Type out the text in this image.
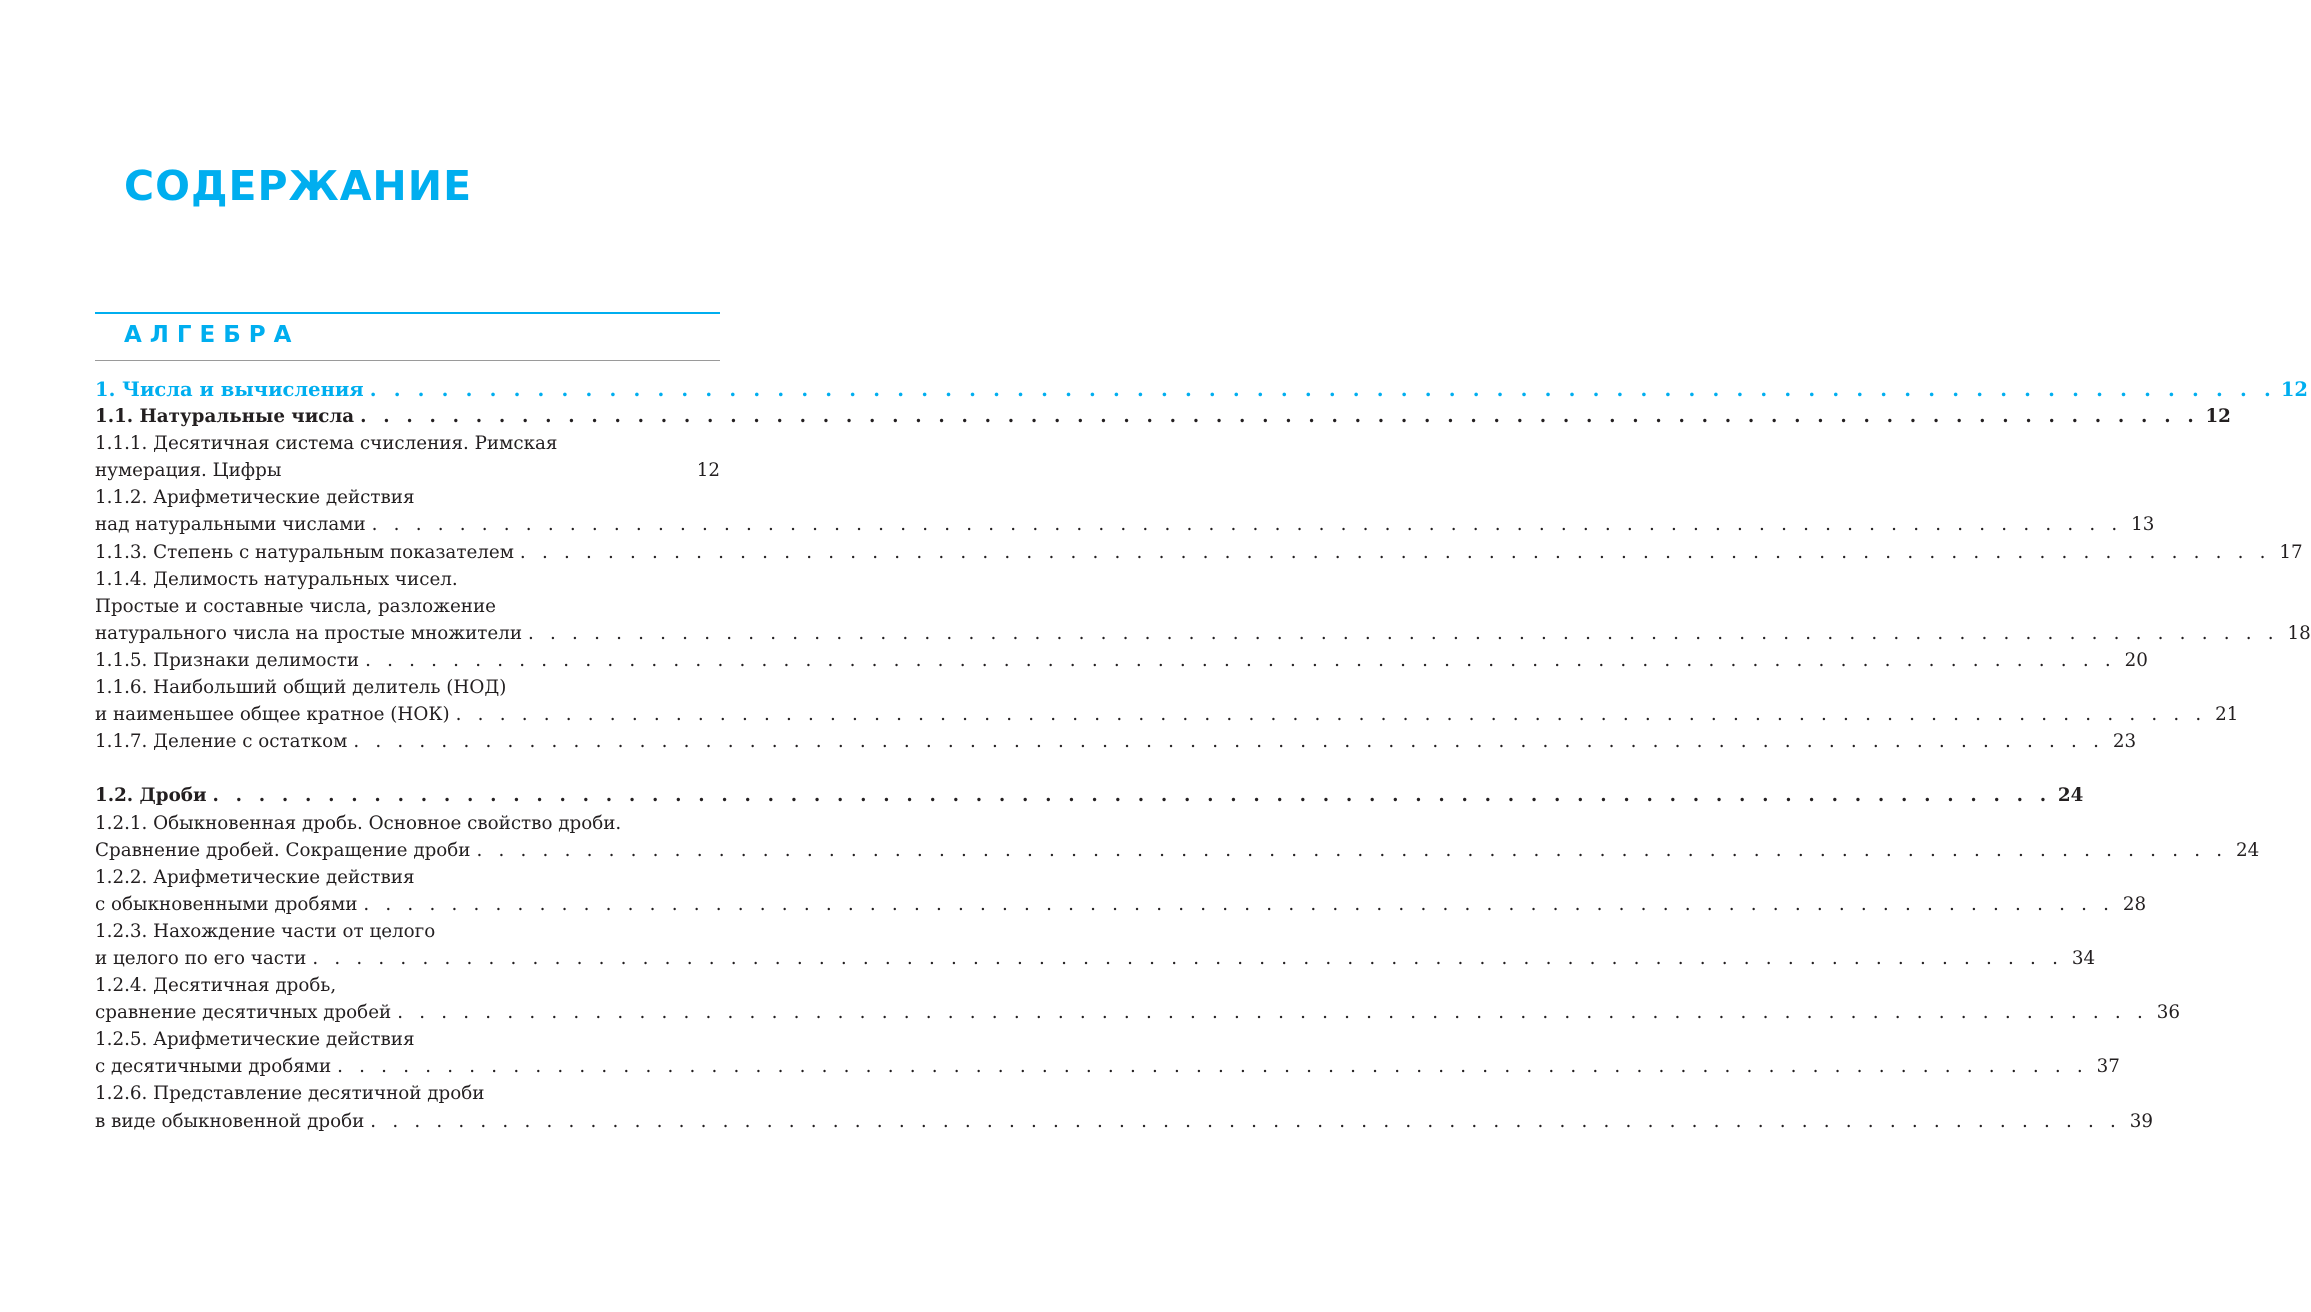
СОДЕРЖАНИЕ
АЛГЕБРА
1. Числа и вычисления . . . . . . . . . . . . . . . . . . . . . . . . . . . . . . . . . . . . . . . . . . . . . . . . . . . . . . . . . . . . . . . . . . . . . . . . . . . . . . . . 12
1.1. Натуральные числа . . . . . . . . . . . . . . . . . . . . . . . . . . . . . . . . . . . . . . . . . . . . . . . . . . . . . . . . . . . . . . . . . . . . . . . . . . . . . . . . 12
1.1.1. Десятичная система счисления. Римская
нумерация. Цифры	12
1.1.2. Арифметические действия
над натуральными числами . . . . . . . . . . . . . . . . . . . . . . . . . . . . . . . . . . . . . . . . . . . . . . . . . . . . . . . . . . . . . . . . . . . . . . . . . . . . . . . . 13
1.1.3. Степень с натуральным показателем . . . . . . . . . . . . . . . . . . . . . . . . . . . . . . . . . . . . . . . . . . . . . . . . . . . . . . . . . . . . . . . . . . . . . . . . . . . . . . . . 17
1.1.4. Делимость натуральных чисел.
Простые и составные числа, разложение
натурального числа на простые множители . . . . . . . . . . . . . . . . . . . . . . . . . . . . . . . . . . . . . . . . . . . . . . . . . . . . . . . . . . . . . . . . . . . . . . . . . . . . . . . . 18
1.1.5. Признаки делимости . . . . . . . . . . . . . . . . . . . . . . . . . . . . . . . . . . . . . . . . . . . . . . . . . . . . . . . . . . . . . . . . . . . . . . . . . . . . . . . . 20
1.1.6. Наибольший общий делитель (НОД)
и наименьшее общее кратное (НОК) . . . . . . . . . . . . . . . . . . . . . . . . . . . . . . . . . . . . . . . . . . . . . . . . . . . . . . . . . . . . . . . . . . . . . . . . . . . . . . . . 21
1.1.7. Деление с остатком . . . . . . . . . . . . . . . . . . . . . . . . . . . . . . . . . . . . . . . . . . . . . . . . . . . . . . . . . . . . . . . . . . . . . . . . . . . . . . . . 23
1.2. Дроби . . . . . . . . . . . . . . . . . . . . . . . . . . . . . . . . . . . . . . . . . . . . . . . . . . . . . . . . . . . . . . . . . . . . . . . . . . . . . . . . 24
1.2.1. Обыкновенная дробь. Основное свойство дроби.
Сравнение дробей. Сокращение дроби . . . . . . . . . . . . . . . . . . . . . . . . . . . . . . . . . . . . . . . . . . . . . . . . . . . . . . . . . . . . . . . . . . . . . . . . . . . . . . . . 24
1.2.2. Арифметические действия
с обыкновенными дробями . . . . . . . . . . . . . . . . . . . . . . . . . . . . . . . . . . . . . . . . . . . . . . . . . . . . . . . . . . . . . . . . . . . . . . . . . . . . . . . . 28
1.2.3. Нахождение части от целого
и целого по его части . . . . . . . . . . . . . . . . . . . . . . . . . . . . . . . . . . . . . . . . . . . . . . . . . . . . . . . . . . . . . . . . . . . . . . . . . . . . . . . . 34
1.2.4. Десятичная дробь,
сравнение десятичных дробей . . . . . . . . . . . . . . . . . . . . . . . . . . . . . . . . . . . . . . . . . . . . . . . . . . . . . . . . . . . . . . . . . . . . . . . . . . . . . . . . 36
1.2.5. Арифметические действия
с десятичными дробями . . . . . . . . . . . . . . . . . . . . . . . . . . . . . . . . . . . . . . . . . . . . . . . . . . . . . . . . . . . . . . . . . . . . . . . . . . . . . . . . 37
1.2.6. Представление десятичной дроби
в виде обыкновенной дроби . . . . . . . . . . . . . . . . . . . . . . . . . . . . . . . . . . . . . . . . . . . . . . . . . . . . . . . . . . . . . . . . . . . . . . . . . . . . . . . . 39
